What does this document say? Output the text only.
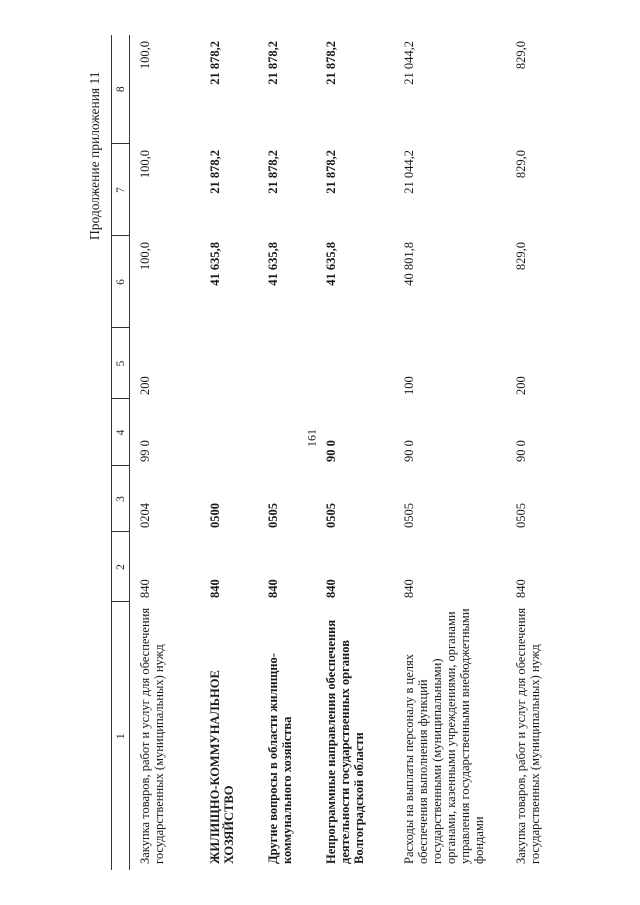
161
Продолжение приложения 11
1	2	3	4	5	6	7	8
Закупка товаров, работ и услуг для обеспечения государственных (муниципальных) нужд	840	0204	99 0	200	100,0	100,0	100,0
ЖИЛИЩНО-КОММУНАЛЬНОЕ ХОЗЯЙСТВО	840	0500			41 635,8	21 878,2	21 878,2
Другие вопросы в области жилищно-коммунального хозяйства	840	0505			41 635,8	21 878,2	21 878,2
Непрограммные направления обеспечения деятельности государственных органов Волгоградской области	840	0505	90 0		41 635,8	21 878,2	21 878,2
Расходы на выплаты персоналу в целях обеспечения выполнения функций государственными (муниципальными) органами, казенными учреждениями, органами управления государственными внебюджетными фондами	840	0505	90 0	100	40 801,8	21 044,2	21 044,2
Закупка товаров, работ и услуг для обеспечения государственных (муниципальных) нужд	840	0505	90 0	200	829,0	829,0	829,0
